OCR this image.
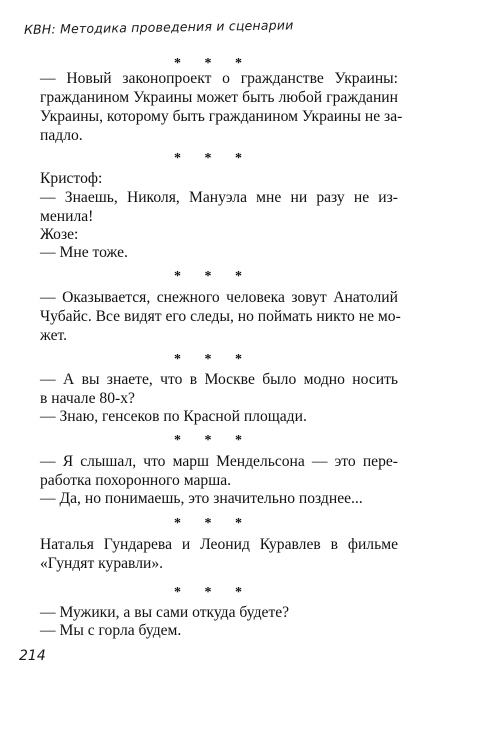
КВН: Методика проведения и сценарии
* * *
— Новый законопроект о гражданстве Украины:
гражданином Украины может быть любой гражданин
Украины, которому быть гражданином Украины не за-
падло.
* * *
Кристоф:
— Знаешь, Николя, Мануэла мне ни разу не из-
менила!
Жозе:
— Мне тоже.
* * *
— Оказывается, снежного человека зовут Анатолий
Чубайс. Все видят его следы, но поймать никто не мо-
жет.
* * *
— А вы знаете, что в Москве было модно носить
в начале 80-х?
— Знаю, генсеков по Красной площади.
* * *
— Я слышал, что марш Мендельсона — это пере-
работка похоронного марша.
— Да, но понимаешь, это значительно позднее...
* * *
Наталья Гундарева и Леонид Куравлев в фильме
«Гундят куравли».
* * *
— Мужики, а вы сами откуда будете?
— Мы с горла будем.
214
